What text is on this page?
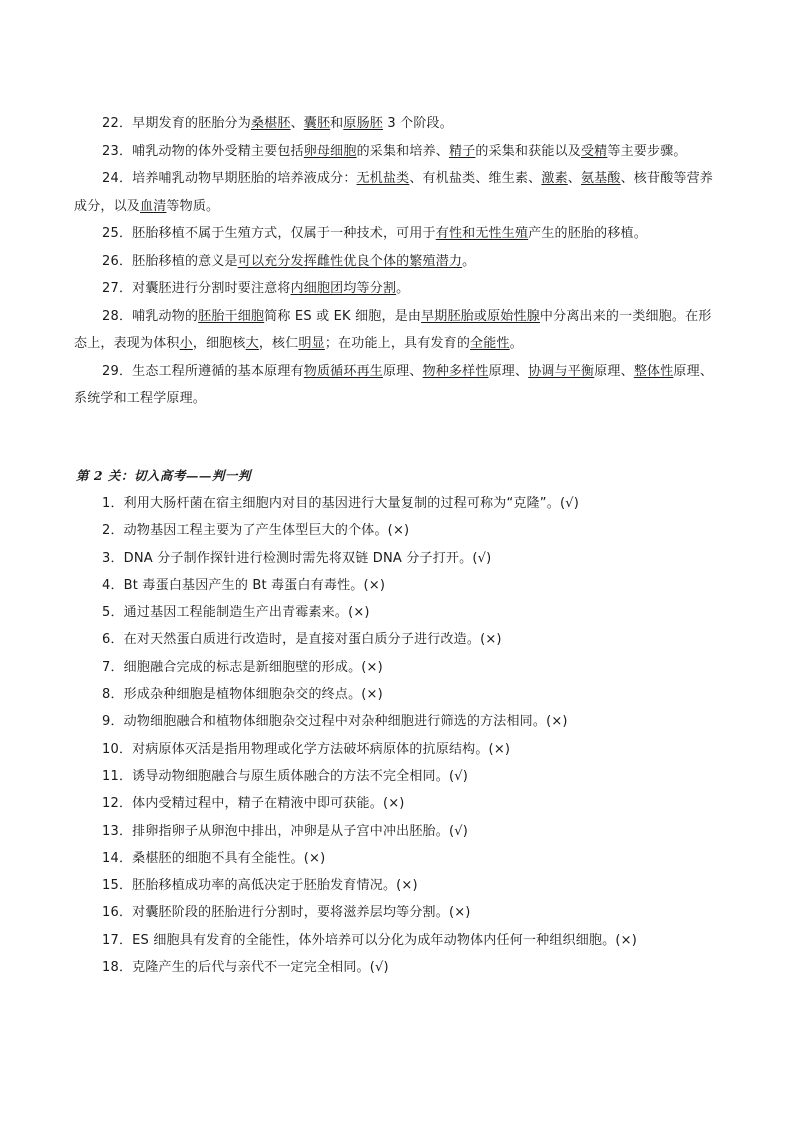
22．早期发育的胚胎分为桑椹胚、囊胚和原肠胚 3 个阶段。

23．哺乳动物的体外受精主要包括卵母细胞的采集和培养、精子的采集和获能以及受精等主要步骤。

24．培养哺乳动物早期胚胎的培养液成分：无机盐类、有机盐类、维生素、激素、氨基酸、核苷酸等营养成分，以及血清等物质。

25．胚胎移植不属于生殖方式，仅属于一种技术，可用于有性和无性生殖产生的胚胎的移植。

26．胚胎移植的意义是可以充分发挥雌性优良个体的繁殖潜力。

27．对囊胚进行分割时要注意将内细胞团均等分割。

28．哺乳动物的胚胎干细胞简称 ES 或 EK 细胞，是由早期胚胎或原始性腺中分离出来的一类细胞。在形态上，表现为体积小，细胞核大，核仁明显；在功能上，具有发育的全能性。

29．生态工程所遵循的基本原理有物质循环再生原理、物种多样性原理、协调与平衡原理、整体性原理、系统学和工程学原理。

第 2 关：切入高考——判一判

1．利用大肠杆菌在宿主细胞内对目的基因进行大量复制的过程可称为“克隆”。(√)

2．动物基因工程主要为了产生体型巨大的个体。(×)

3．DNA 分子制作探针进行检测时需先将双链 DNA 分子打开。(√)

4．Bt 毒蛋白基因产生的 Bt 毒蛋白有毒性。(×)

5．通过基因工程能制造生产出青霉素来。(×)

6．在对天然蛋白质进行改造时，是直接对蛋白质分子进行改造。(×)

7．细胞融合完成的标志是新细胞壁的形成。(×)

8．形成杂种细胞是植物体细胞杂交的终点。(×)

9．动物细胞融合和植物体细胞杂交过程中对杂种细胞进行筛选的方法相同。(×)

10．对病原体灭活是指用物理或化学方法破坏病原体的抗原结构。(×)

11．诱导动物细胞融合与原生质体融合的方法不完全相同。(√)

12．体内受精过程中，精子在精液中即可获能。(×)

13．排卵指卵子从卵泡中排出，冲卵是从子宫中冲出胚胎。(√)

14．桑椹胚的细胞不具有全能性。(×)

15．胚胎移植成功率的高低决定于胚胎发育情况。(×)

16．对囊胚阶段的胚胎进行分割时，要将滋养层均等分割。(×)

17．ES 细胞具有发育的全能性，体外培养可以分化为成年动物体内任何一种组织细胞。(×)

18．克隆产生的后代与亲代不一定完全相同。(√)
